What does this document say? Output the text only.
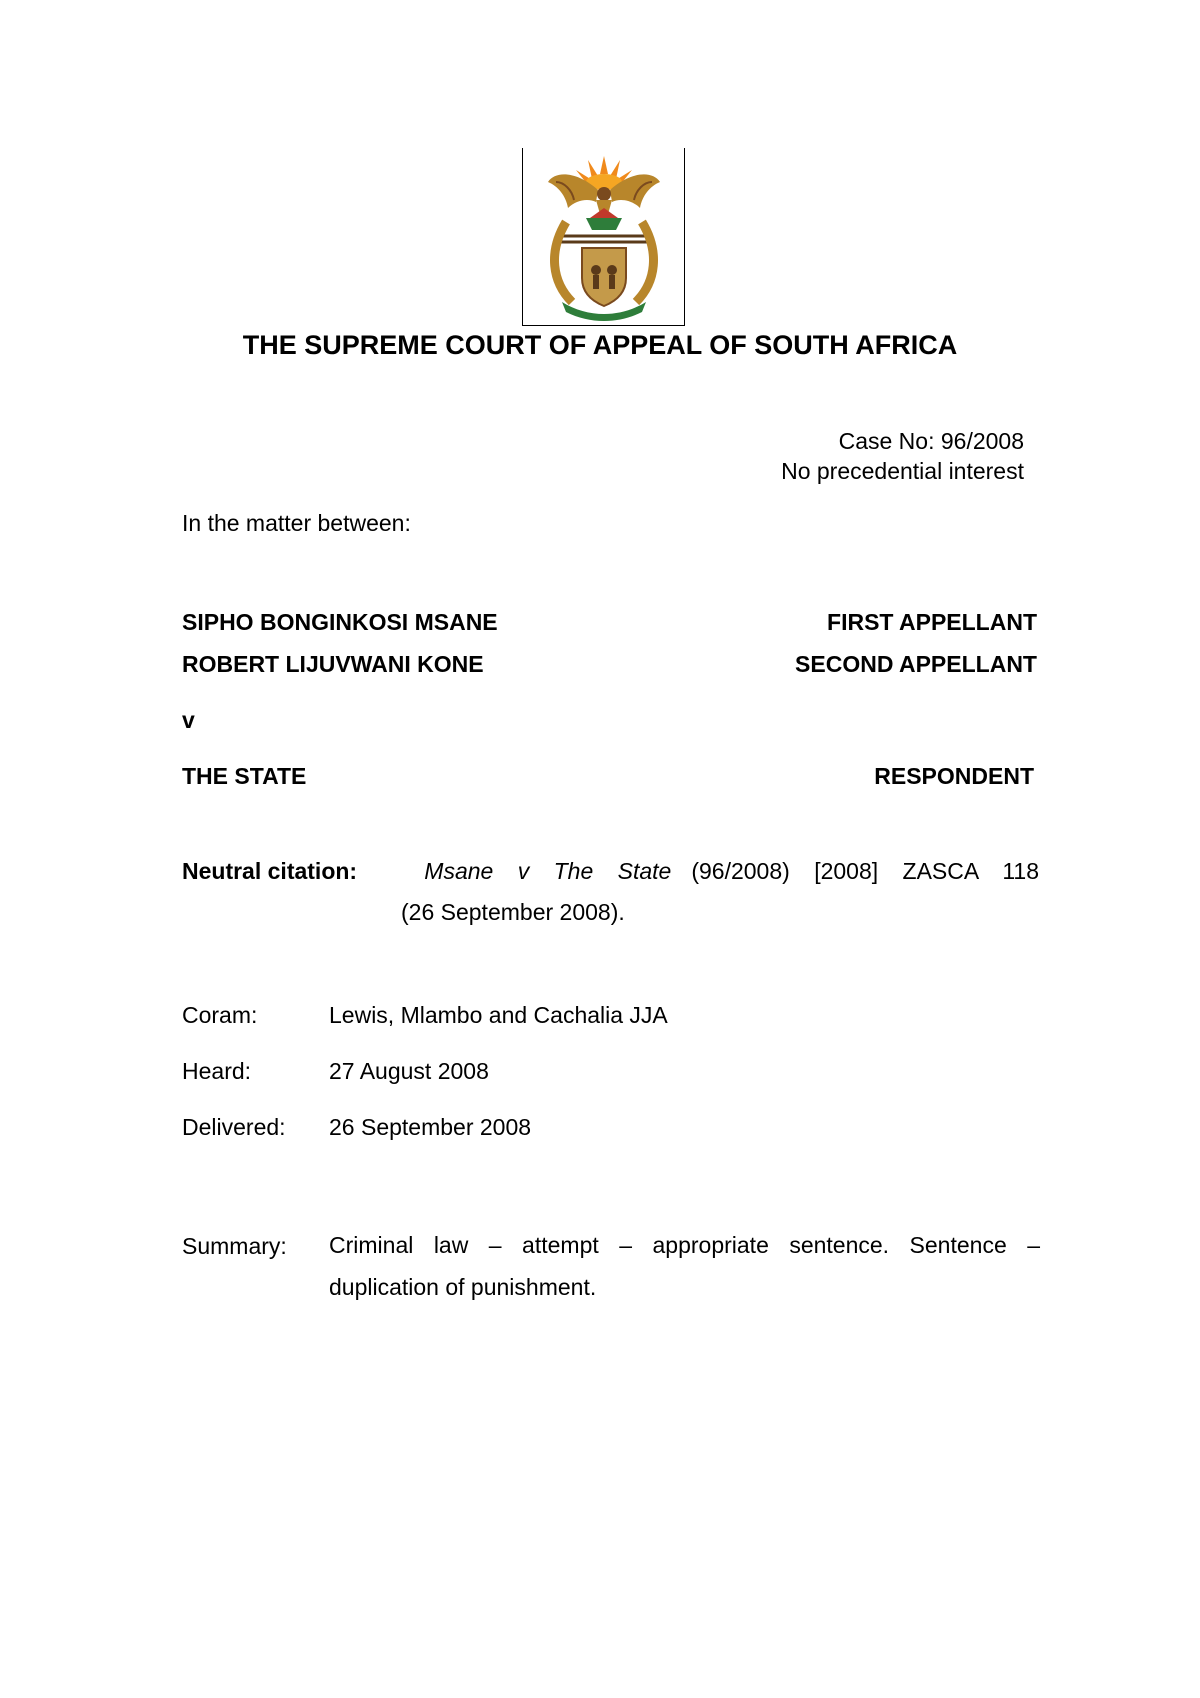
THE SUPREME COURT OF APPEAL OF SOUTH AFRICA
Case No: 96/2008
No precedential interest
In the matter between:
SIPHO BONGINKOSI MSANE	FIRST APPELLANT
ROBERT LIJUVWANI KONE	SECOND APPELLANT
v
THE STATE	RESPONDENT
Neutral citation:	Msane v The State (96/2008) [2008] ZASCA 118
(26 September 2008).
Coram:	Lewis, Mlambo and Cachalia JJA
Heard:	27 August 2008
Delivered: 26 September 2008
Summary: Criminal law – attempt – appropriate sentence. Sentence – duplication of punishment.
